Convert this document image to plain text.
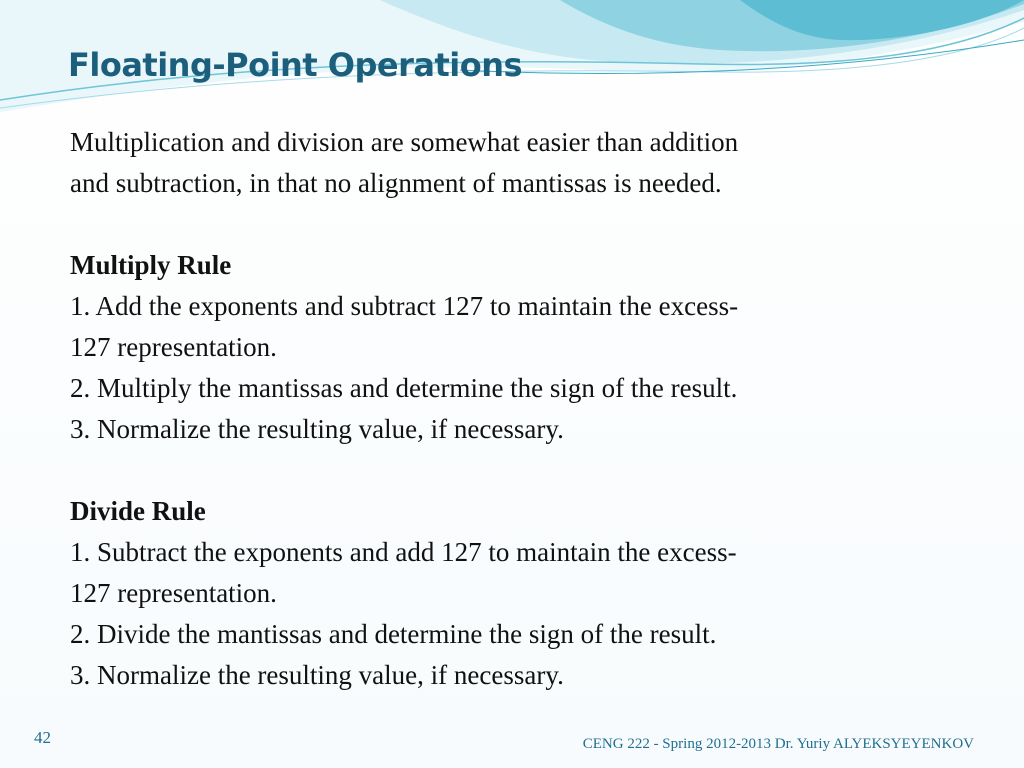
Floating-Point Operations

Multiplication and division are somewhat easier than addition

and subtraction, in that no alignment of mantissas is needed.

Multiply Rule

1. Add the exponents and subtract 127 to maintain the excess-

127 representation.

2. Multiply the mantissas and determine the sign of the result.

3. Normalize the resulting value, if necessary.

Divide Rule

1. Subtract the exponents and add 127 to maintain the excess-

127 representation.

2. Divide the mantissas and determine the sign of the result.

3. Normalize the resulting value, if necessary.

42	CENG 222 - Spring 2012-2013 Dr. Yuriy ALYEKSYEYENKOV
